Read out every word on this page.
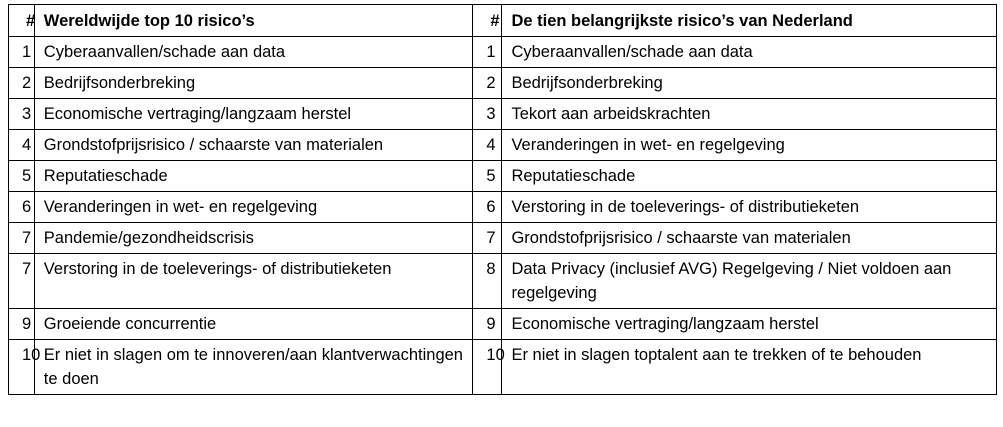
#	Wereldwijde top 10 risico’s	#	De tien belangrijkste risico’s van Nederland
1	Cyberaanvallen/schade aan data	1	Cyberaanvallen/schade aan data
2	Bedrijfsonderbreking	2	Bedrijfsonderbreking
3	Economische vertraging/langzaam herstel	3	Tekort aan arbeidskrachten
4	Grondstofprijsrisico / schaarste van materialen	4	Veranderingen in wet- en regelgeving
5	Reputatieschade	5	Reputatieschade
6	Veranderingen in wet- en regelgeving	6	Verstoring in de toeleverings- of distributieketen
7	Pandemie/gezondheidscrisis	7	Grondstofprijsrisico / schaarste van materialen
7	Verstoring in de toeleverings- of distributieketen	8	Data Privacy (inclusief AVG) Regelgeving / Niet voldoen aan regelgeving
9	Groeiende concurrentie	9	Economische vertraging/langzaam herstel
10	Er niet in slagen om te innoveren/aan klantverwachtingen te doen	10	Er niet in slagen toptalent aan te trekken of te behouden
